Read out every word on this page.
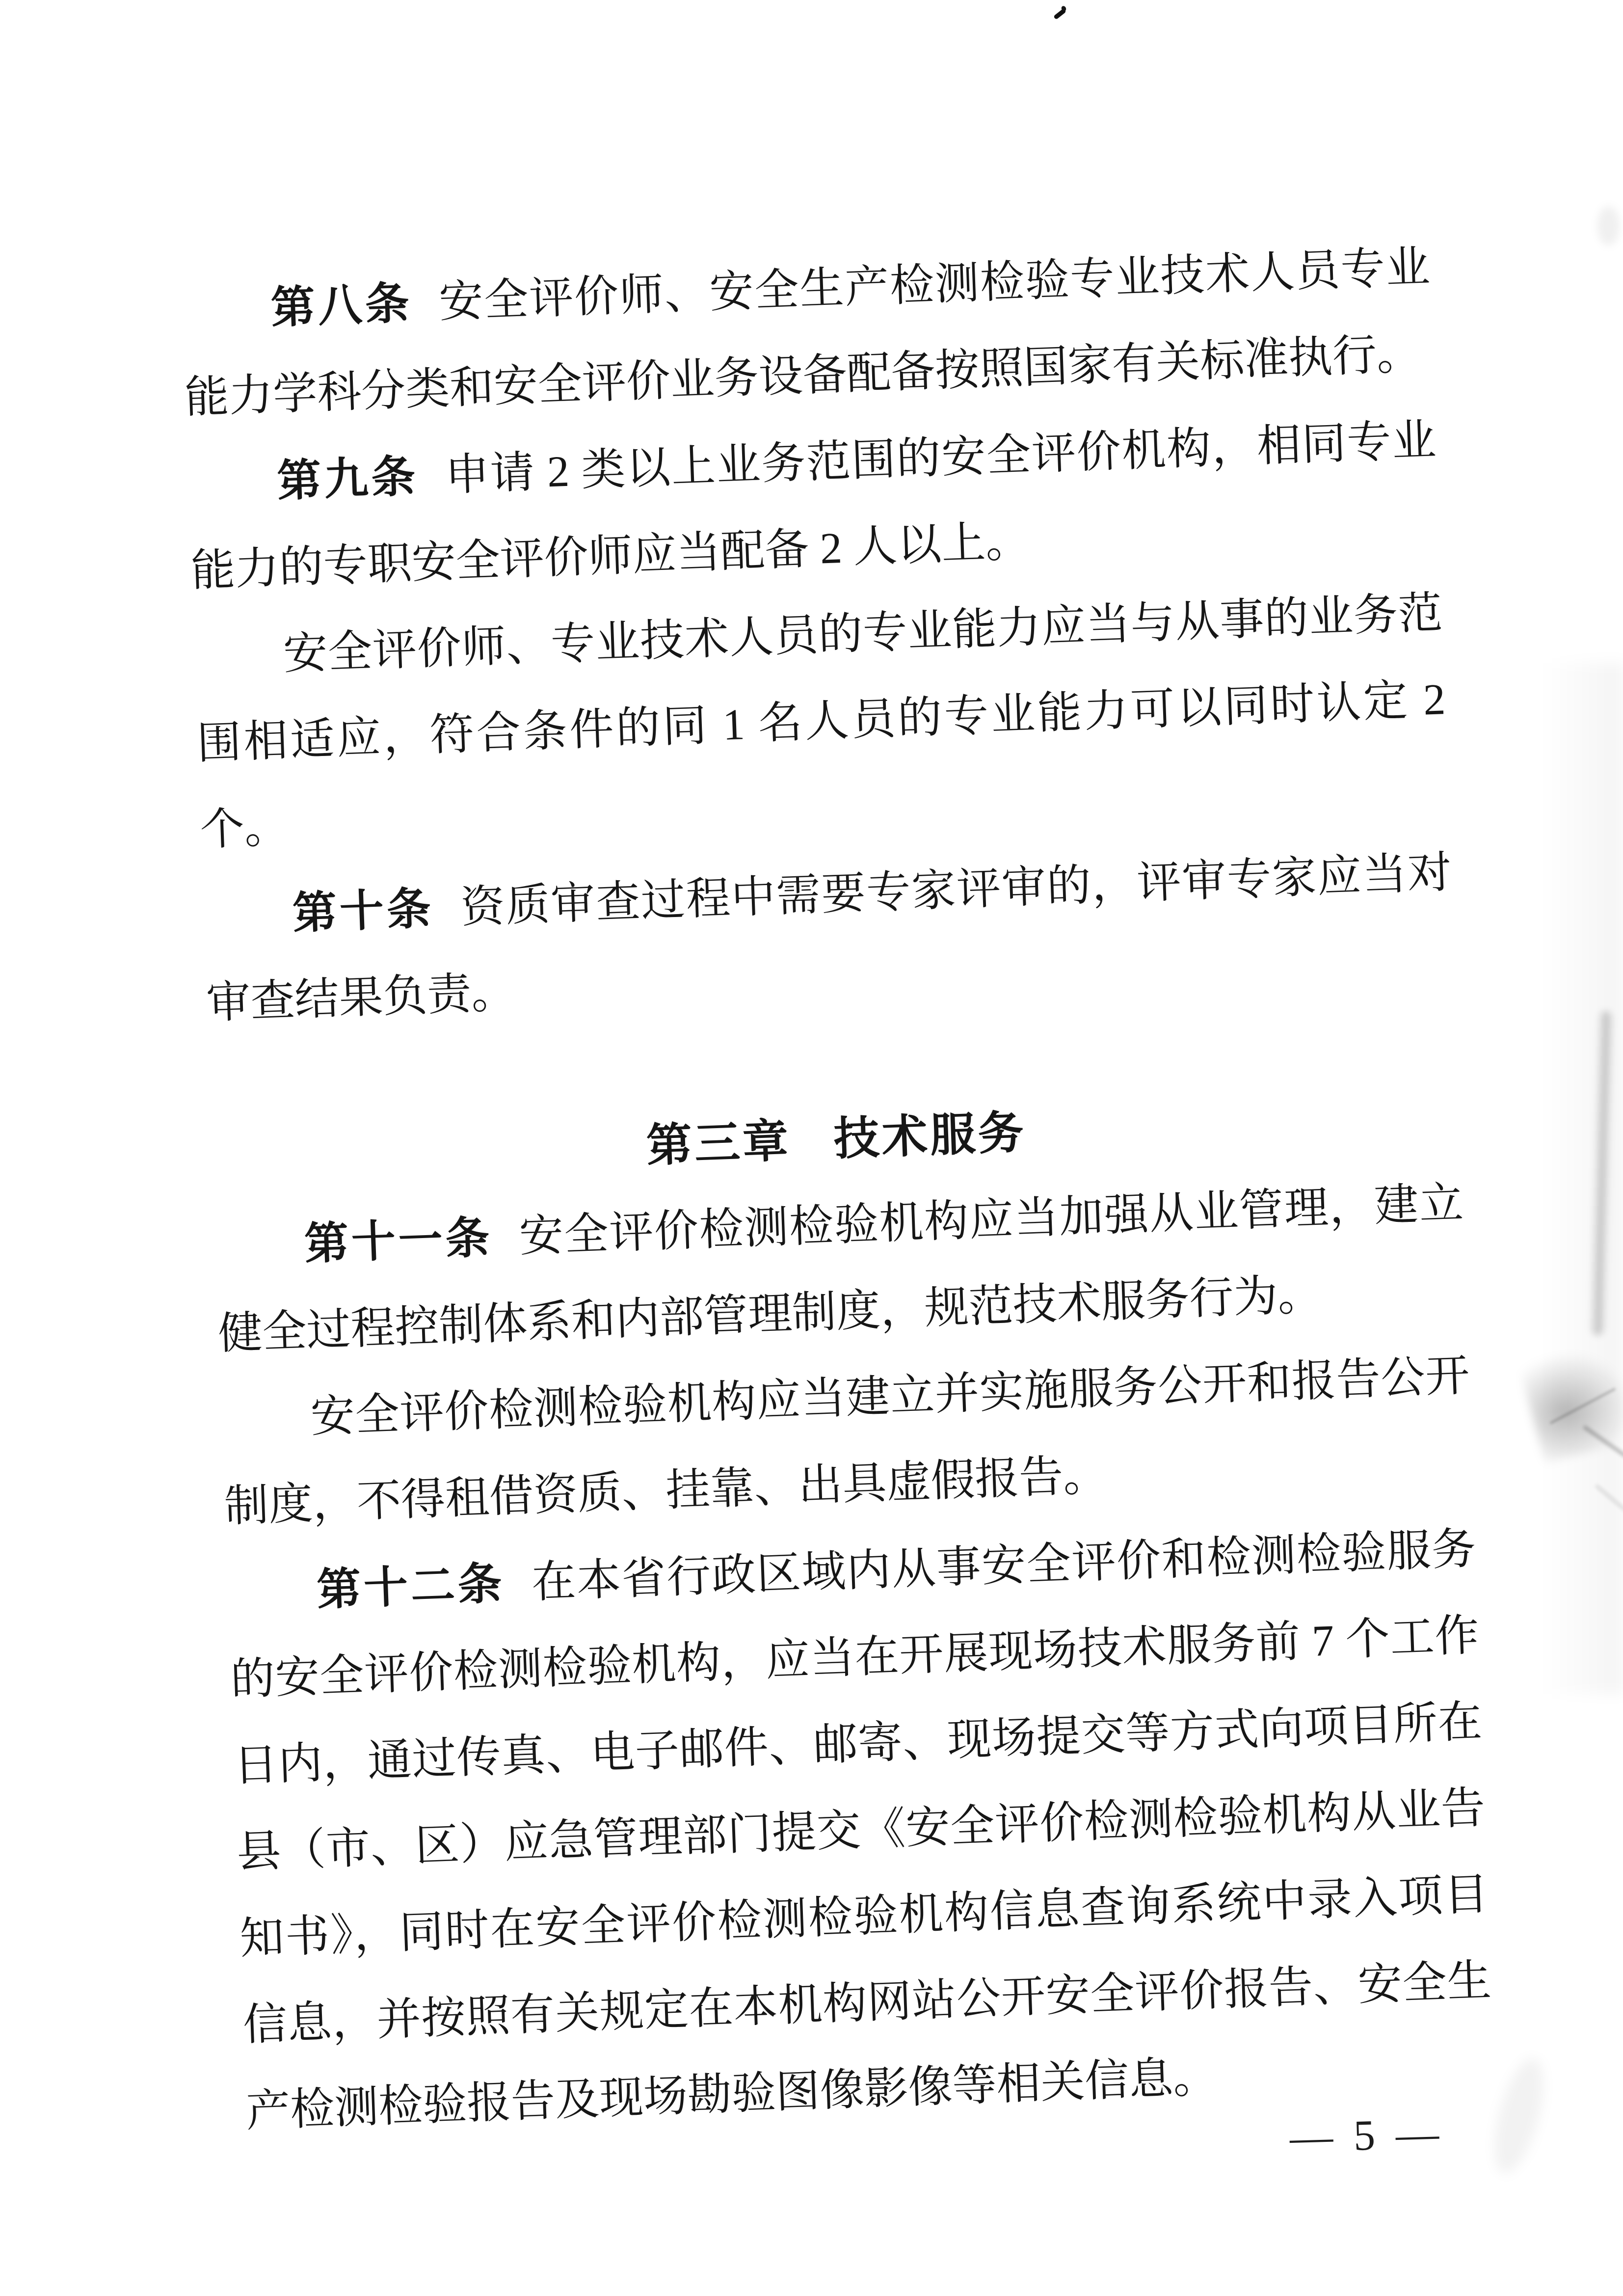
第八条 安全评价师、安全生产检测检验专业技术人员专业能力学科分类和安全评价业务设备配备按照国家有关标准执行。

第九条 申请 2 类以上业务范围的安全评价机构，相同专业能力的专职安全评价师应当配备 2 人以上。

安全评价师、专业技术人员的专业能力应当与从事的业务范围相适应，符合条件的同 1 名人员的专业能力可以同时认定 2 个。

第十条 资质审查过程中需要专家评审的，评审专家应当对审查结果负责。

第三章 技术服务

第十一条 安全评价检测检验机构应当加强从业管理，建立健全过程控制体系和内部管理制度，规范技术服务行为。

安全评价检测检验机构应当建立并实施服务公开和报告公开制度，不得租借资质、挂靠、出具虚假报告。

第十二条 在本省行政区域内从事安全评价和检测检验服务的安全评价检测检验机构，应当在开展现场技术服务前 7 个工作日内，通过传真、电子邮件、邮寄、现场提交等方式向项目所在县（市、区）应急管理部门提交《安全评价检测检验机构从业告知书》，同时在安全评价检测检验机构信息查询系统中录入项目信息，并按照有关规定在本机构网站公开安全评价报告、安全生产检测检验报告及现场勘验图像影像等相关信息。	— 5 —
